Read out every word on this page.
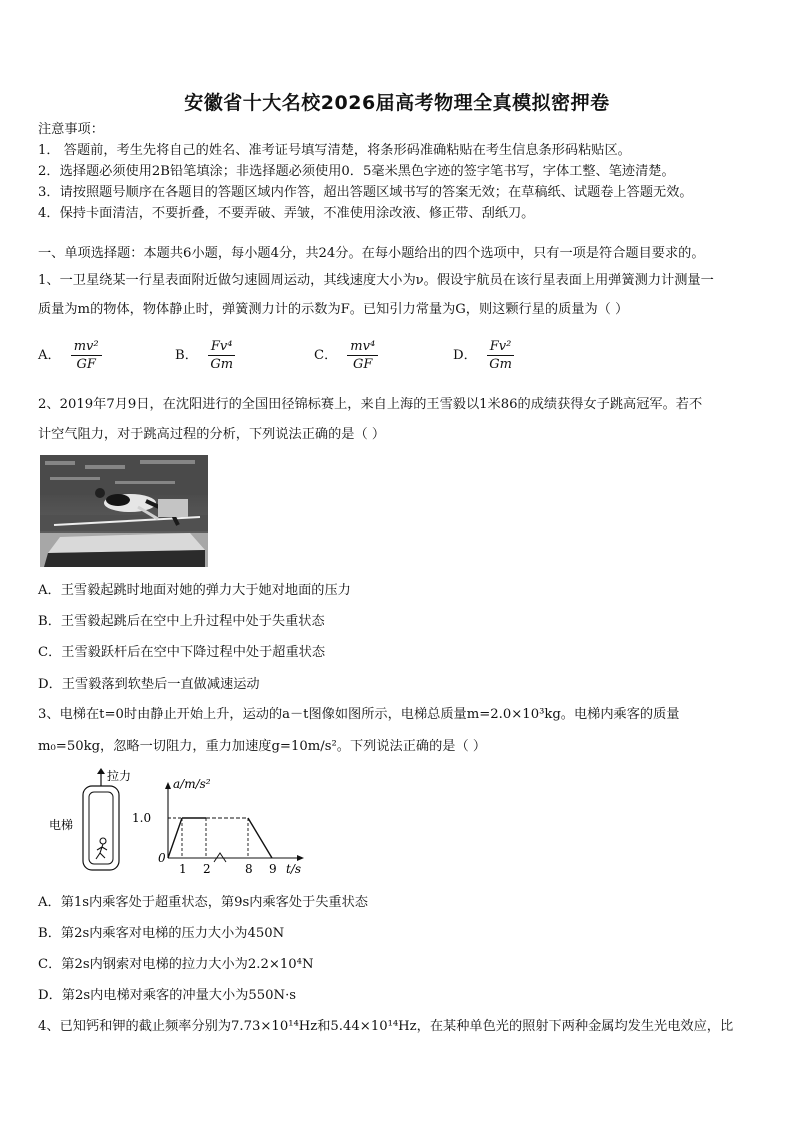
安徽省十大名校2026届高考物理全真模拟密押卷
注意事项：
1． 答题前，考生先将自己的姓名、准考证号填写清楚，将条形码准确粘贴在考生信息条形码粘贴区。
2．选择题必须使用2B铅笔填涂；非选择题必须使用0．5毫米黑色字迹的签字笔书写，字体工整、笔迹清楚。
3．请按照题号顺序在各题目的答题区域内作答，超出答题区域书写的答案无效；在草稿纸、试题卷上答题无效。
4．保持卡面清洁，不要折叠，不要弄破、弄皱，不准使用涂改液、修正带、刮纸刀。
一、单项选择题：本题共6小题，每小题4分，共24分。在每小题给出的四个选项中，只有一项是符合题目要求的。
1、一卫星绕某一行星表面附近做匀速圆周运动，其线速度大小为ν。假设宇航员在该行星表面上用弹簧测力计测量一
质量为m的物体，物体静止时，弹簧测力计的示数为F。已知引力常量为G，则这颗行星的质量为（ ）
A． $\frac{\text{mv²}}{GF}$	B． $\frac{\text{Fv⁴}}{Gm}$	C． $\frac{\text{mv⁴}}{GF}$	D． $\frac{\text{Fv²}}{Gm}$
2、2019年7月9日，在沈阳进行的全国田径锦标赛上，来自上海的王雪毅以1米86的成绩获得女子跳高冠军。若不
计空气阻力，对于跳高过程的分析，下列说法正确的是（ ）
A．王雪毅起跳时地面对她的弹力大于她对地面的压力
B．王雪毅起跳后在空中上升过程中处于失重状态
C．王雪毅跃杆后在空中下降过程中处于超重状态
D．王雪毅落到软垫后一直做减速运动
3、电梯在t=0时由静止开始上升，运动的a－t图像如图所示，电梯总质量m=2.0×10³kg。电梯内乘客的质量
m₀=50kg，忽略一切阻力，重力加速度g=10m/s²。下列说法正确的是（ ）
拉力
电梯
a/m/s²
1.0
0
1 2	8 9 t/s
A．第1s内乘客处于超重状态，第9s内乘客处于失重状态
B．第2s内乘客对电梯的压力大小为450N
C．第2s内钢索对电梯的拉力大小为2.2×10⁴N
D．第2s内电梯对乘客的冲量大小为550N·s
4、已知钙和钾的截止频率分别为7.73×10¹⁴Hz和5.44×10¹⁴Hz，在某种单色光的照射下两种金属均发生光电效应，比
